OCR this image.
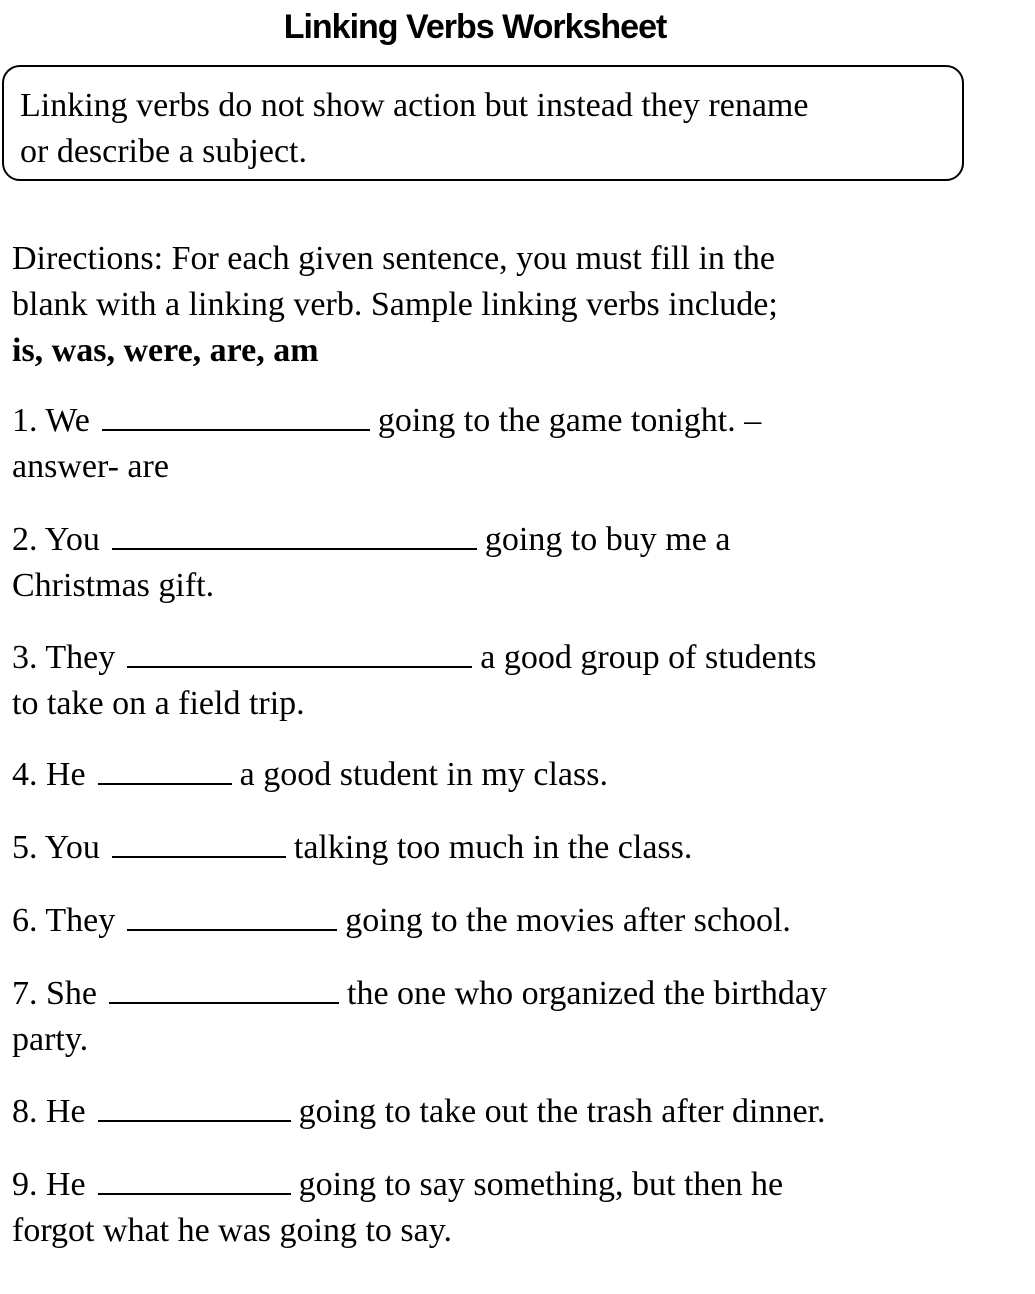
Linking Verbs Worksheet
Linking verbs do not show action but instead they rename
or describe a subject.
Directions: For each given sentence, you must fill in the
blank with a linking verb. Sample linking verbs include;
is, was, were, are, am
1. We	going to the game tonight. –
answer- are
2. You	going to buy me a
Christmas gift.
3. They	a good group of students
to take on a field trip.
4. He	a good student in my class.
5. You	talking too much in the class.
6. They	going to the movies after school.
7. She	the one who organized the birthday
party.
8. He	going to take out the trash after dinner.
9. He	going to say something, but then he
forgot what he was going to say.
